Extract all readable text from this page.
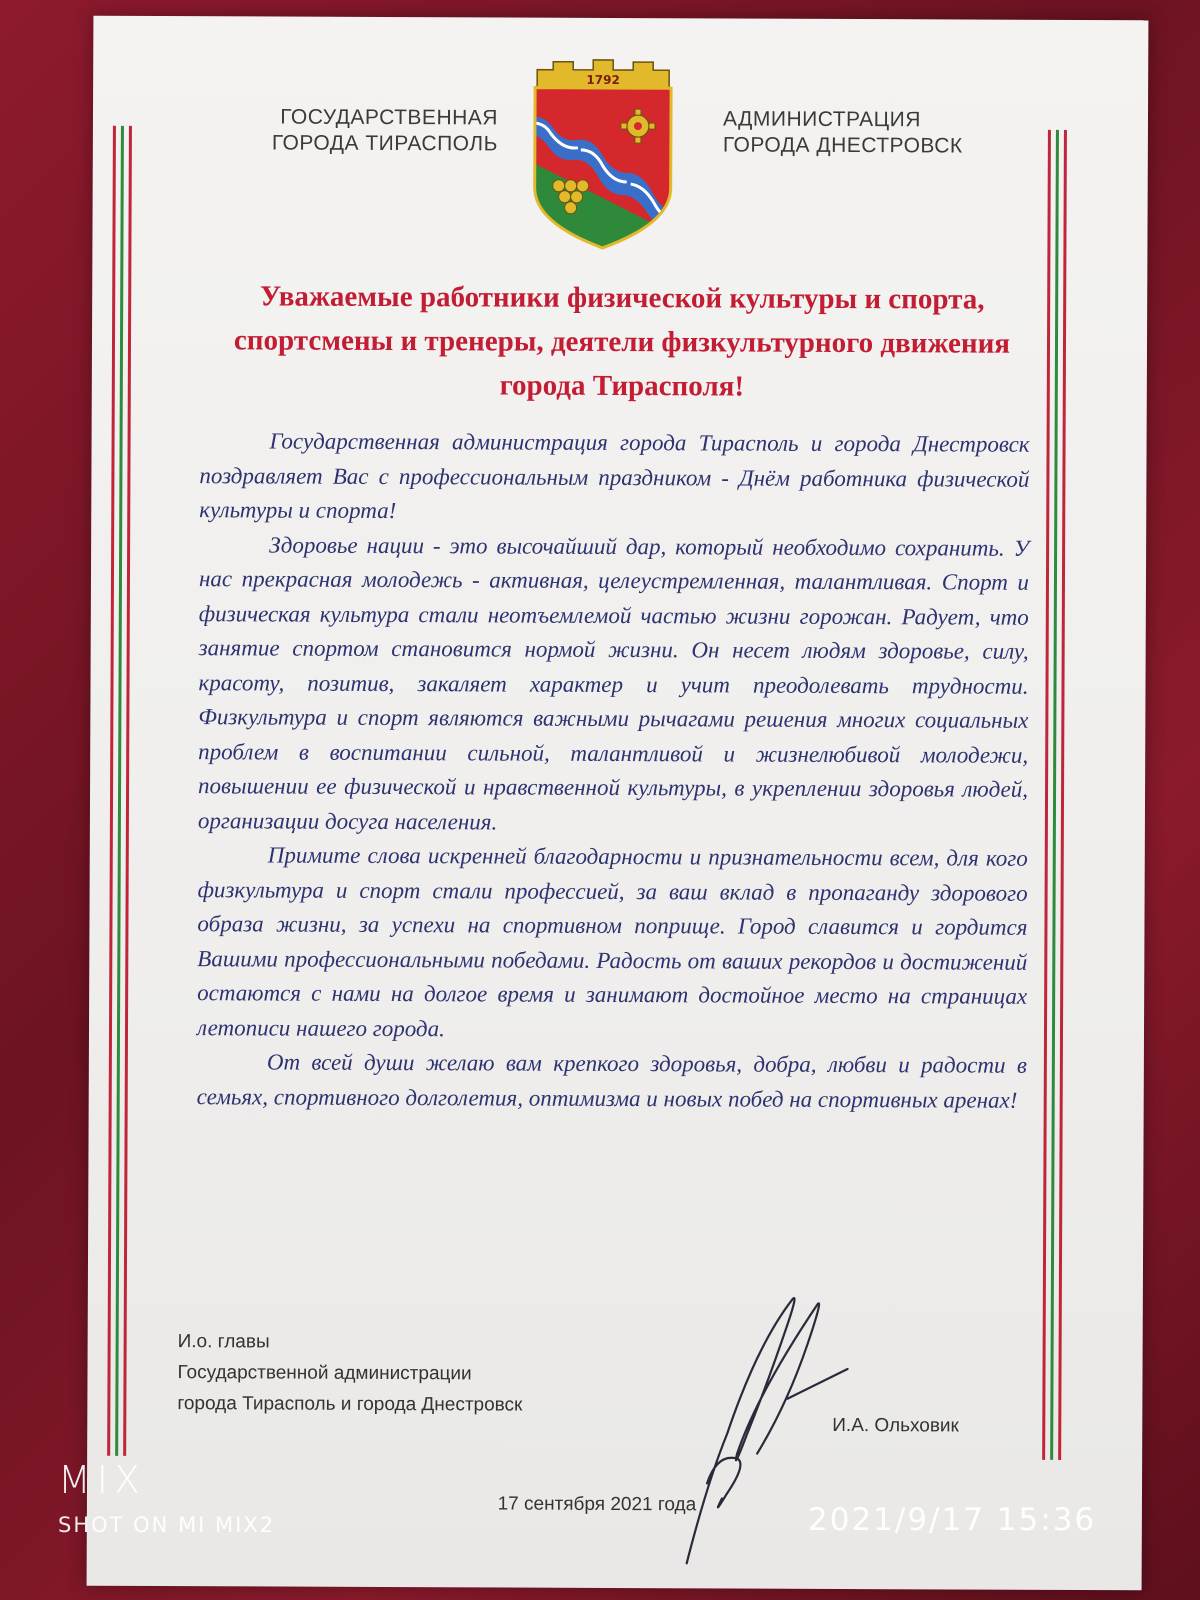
ГОСУДАРСТВЕННАЯ
ГОРОДА ТИРАСПОЛЬ
1792
АДМИНИСТРАЦИЯ
ГОРОДА ДНЕСТРОВСК
Уважаемые работники физической культуры и спорта,
спортсмены и тренеры, деятели физкультурного движения
города Тирасполя!

Государственная администрация города Тирасполь и города Днестровск поздравляет Вас с профессиональным праздником - Днём работника физической культуры и спорта!

Здоровье нации - это высочайший дар, который необходимо сохранить. У нас прекрасная молодежь - активная, целеустремленная, талантливая. Спорт и физическая культура стали неотъемлемой частью жизни горожан. Радует, что занятие спортом становится нормой жизни. Он несет людям здоровье, силу, красоту, позитив, закаляет характер и учит преодолевать трудности. Физкультура и спорт являются важными рычагами решения многих социальных проблем в воспитании сильной, талантливой и жизнелюбивой молодежи, повышении ее физической и нравственной культуры, в укреплении здоровья людей, организации досуга населения.

Примите слова искренней благодарности и признательности всем, для кого физкультура и спорт стали профессией, за ваш вклад в пропаганду здорового образа жизни, за успехи на спортивном поприще. Город славится и гордится Вашими профессиональными победами. Радость от ваших рекордов и достижений остаются с нами на долгое время и занимают достойное место на страницах летописи нашего города.

От всей души желаю вам крепкого здоровья, добра, любви и радости в семьях, спортивного долголетия, оптимизма и новых побед на спортивных аренах!

И.о. главы
Государственной администрации
города Тирасполь и города Днестровск
И.А. Ольховик
17 сентября 2021 года
MIX
SHOT ON MI MIX2	2021/9/17 15:36
